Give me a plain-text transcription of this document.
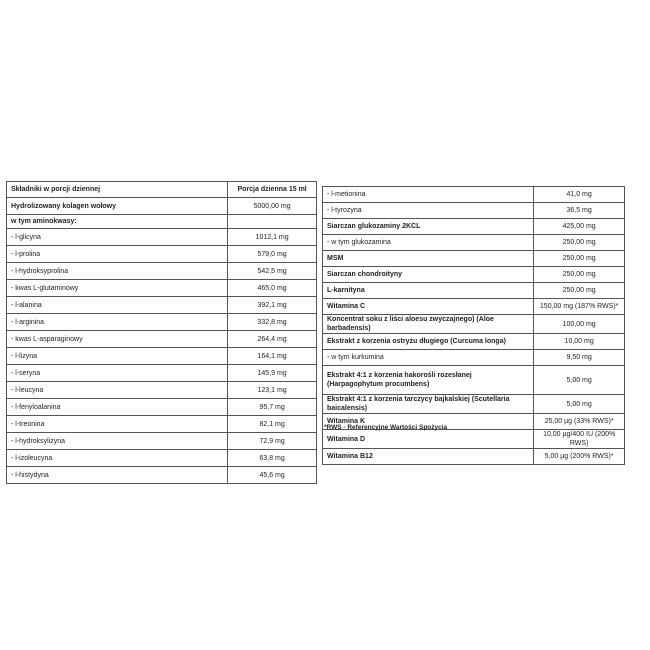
Składniki w porcji dziennej	Porcja dzienna 15 ml
Hydrolizowany kolagen wołowy	5000,00 mg
w tym aminokwasy:	
- l-glicyna	1012,1 mg
- l-prolina	579,0 mg
- l-hydroksyprolina	542,5 mg
- kwas L-glutaminowy	465,0 mg
- l-alanina	392,1 mg
- l-arginina	332,8 mg
- kwas L-asparaginowy	264,4 mg
- l-lizyna	164,1 mg
- l-seryna	145,9 mg
- l-leucyna	123,1 mg
- l-fenyloalanina	95,7 mg
- l-treonina	82,1 mg
- l-hydroksylizyna	72,9 mg
- l-izoleucyna	63,8 mg
- l-histydyna	45,6 mg
- l-metionina	41,0 mg
- l-tyrozyna	36,5 mg
Siarczan glukozaminy 2KCL	425,00 mg
- w tym glukozamina	250,00 mg
MSM	250,00 mg
Siarczan chondroityny	250,00 mg
L-karnityna	250,00 mg
Witamina C	150,00 mg (187% RWS)*
Koncentrat soku z liści aloesu zwyczajnego) (Aloe barbadensis)	100,00 mg
Ekstrakt z korzenia ostryżu długiego (Curcuma longa)	10,00 mg
- w tym kurkumina	9,50 mg

Ekstrakt 4:1 z korzenia hakorośli rozesłanej
(Harpagophytum procumbens)	5,00 mg
Ekstrakt 4:1 z korzenia tarczycy bajkalskiej (Scutellaria baicalensis)	5,00 mg
Witamina K	25,00 µg (33% RWS)*
Witamina D	10,00 µg/400 IU (200% RWS)
Witamina B12	5,00 µg (200% RWS)*
*RWS - Referencyjne Wartości Spożycia
